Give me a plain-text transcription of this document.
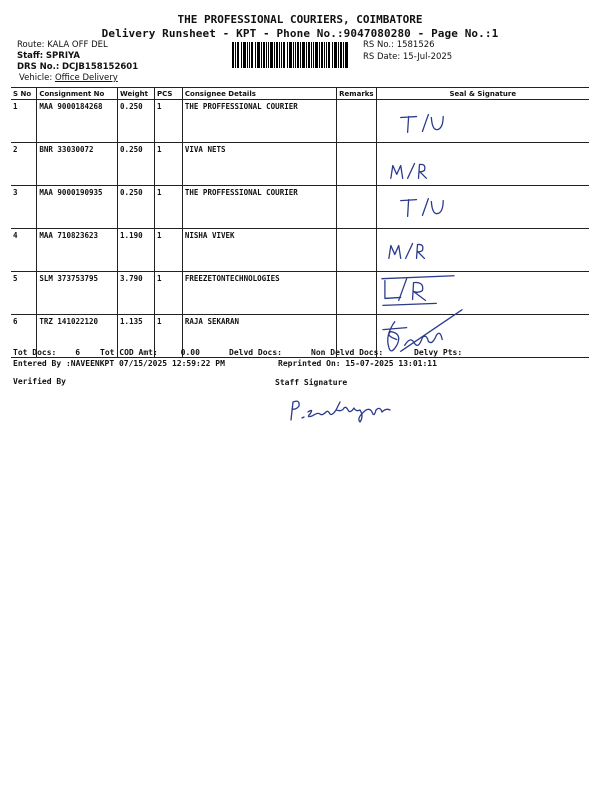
THE PROFESSIONAL COURIERS, COIMBATORE
Delivery Runsheet - KPT - Phone No.:9047080280 - Page No.:1
Route: KALA OFF DEL
Staff: SPRIYA
DRS No.: DCJB158152601
Vehicle: Office Delivery
RS No.: 1581526
RS Date: 15-Jul-2025
S No	Consignment No	Weight	PCS	Consignee Details	Remarks	Seal & Signature
1	MAA 9000184268	0.250	1	THE PROFFESSIONAL COURIER		T/U

2	BNR 33030072	0.250	1	VIVA NETS		M/R

3	MAA 9000190935	0.250	1	THE PROFFESSIONAL COURIER		T/U

4	MAA 710823623	1.190	1	NISHA VIVEK		M/R

5	SLM 373753795	3.790	1	FREEZETONTECHNOLOGIES		L/R

6	TRZ 141022120	1.135	1	RAJA SEKARAN		15/07/25
Tot Docs: 6 Tot COD Amt:	0.00	Delvd Docs:	Non Delvd Docs:	Delvy Pts:
Entered By :NAVEENKPT 07/15/2025 12:59:22 PM	Reprinted On: 15-07-2025 13:01:11
Verified By	Staff Signature
